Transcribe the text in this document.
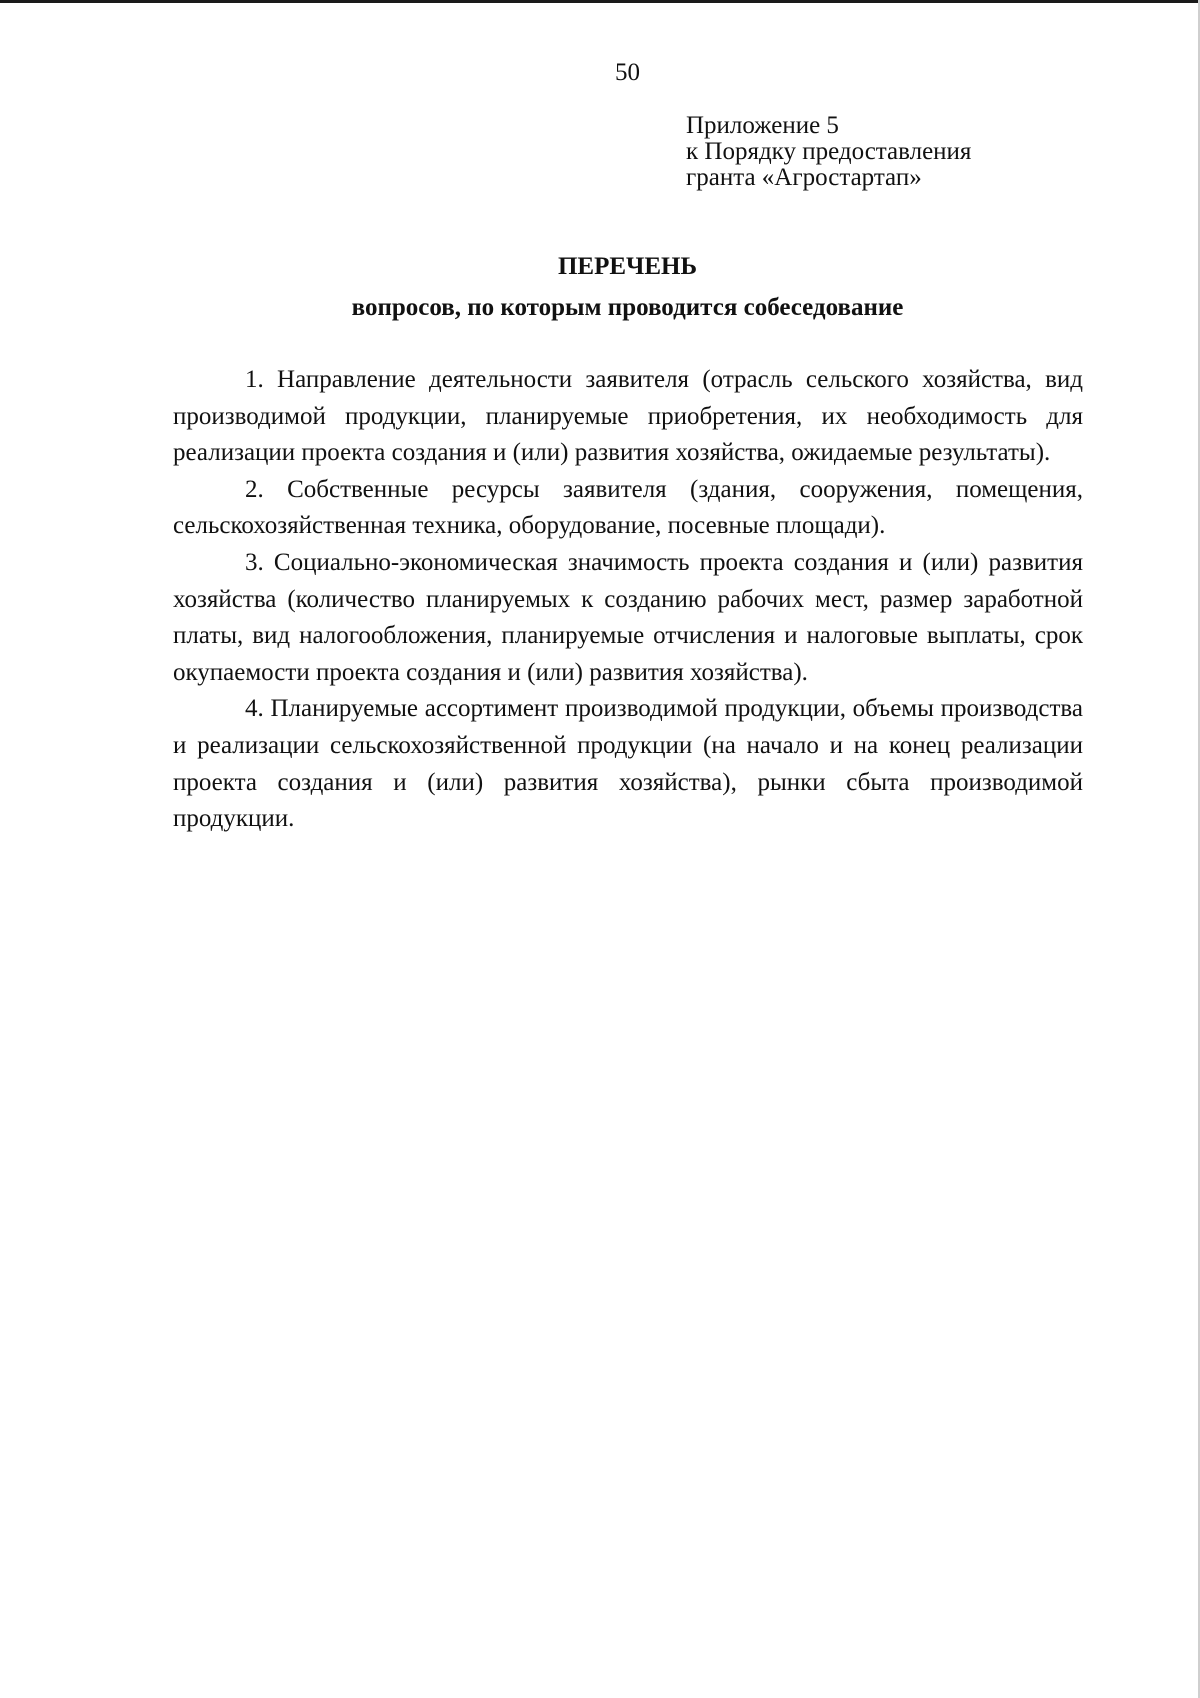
50
Приложение 5
к Порядку предоставления
гранта «Агростартап»
ПЕРЕЧЕНЬ
вопросов, по которым проводится собеседование

1. Направление деятельности заявителя (отрасль сельского хозяйства, вид производимой продукции, планируемые приобретения, их необходимость для реализации проекта создания и (или) развития хозяйства, ожидаемые результаты).

2. Собственные ресурсы заявителя (здания, сооружения, помещения, сельскохозяйственная техника, оборудование, посевные площади).

3. Социально-экономическая значимость проекта создания и (или) развития хозяйства (количество планируемых к созданию рабочих мест, размер заработной платы, вид налогообложения, планируемые отчисления и налоговые выплаты, срок окупаемости проекта создания и (или) развития хозяйства).

4. Планируемые ассортимент производимой продукции, объемы производства и реализации сельскохозяйственной продукции (на начало и на конец реализации проекта создания и (или) развития хозяйства), рынки сбыта производимой продукции.
